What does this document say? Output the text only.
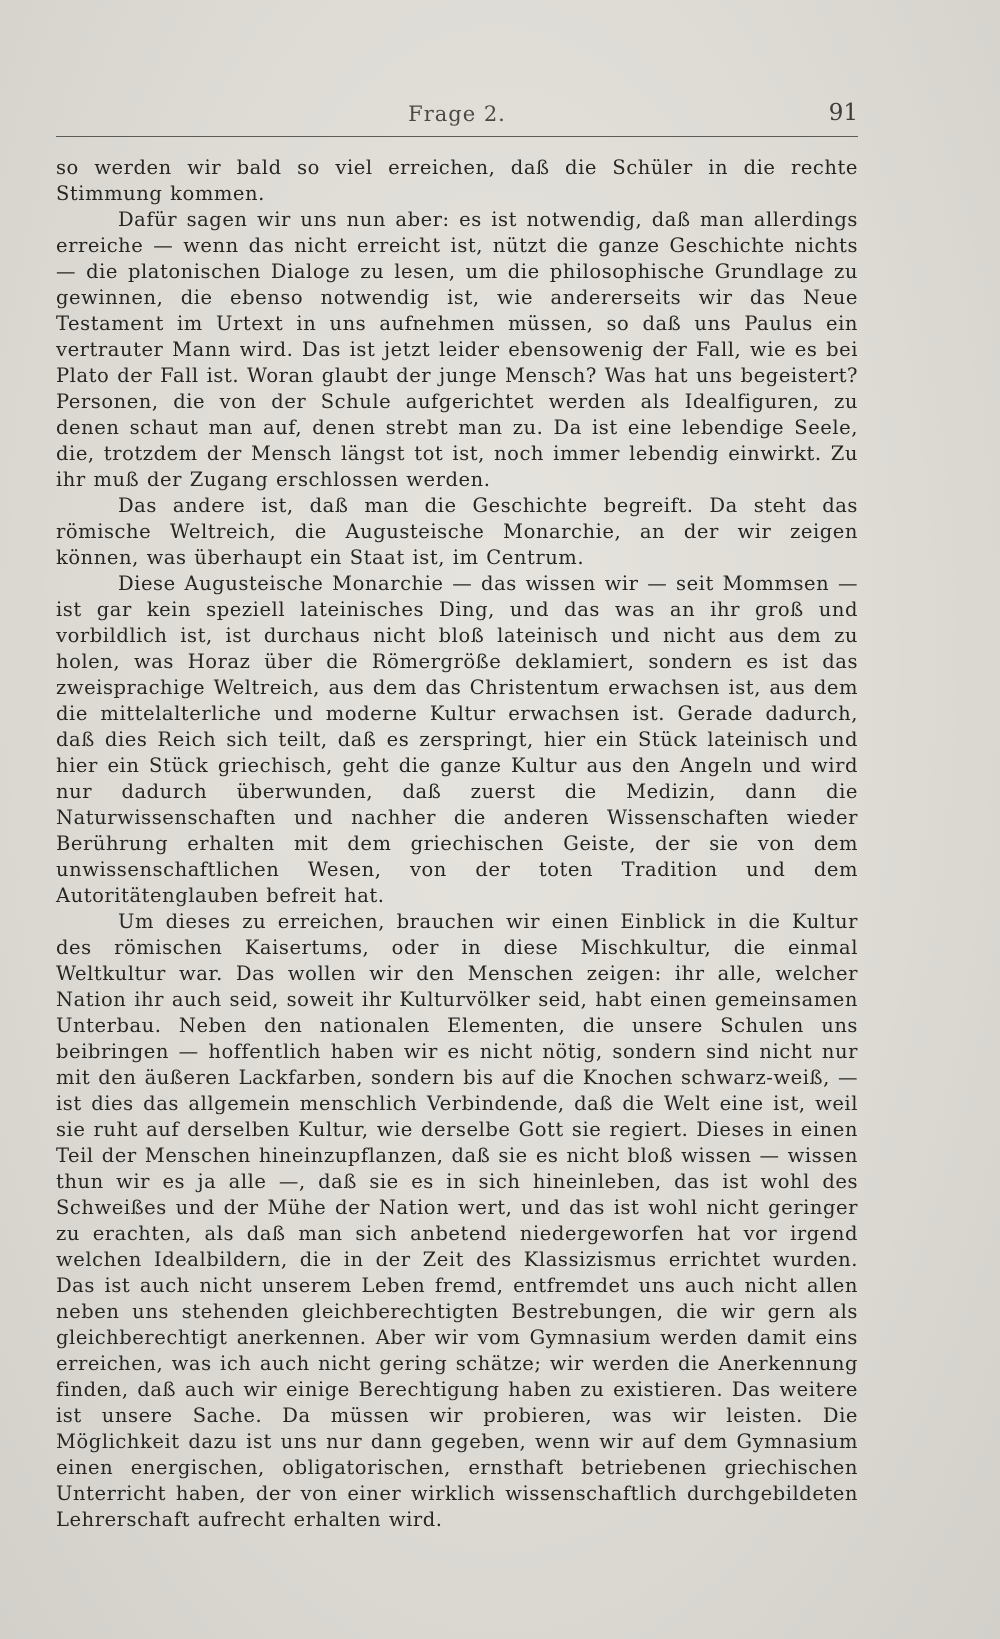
Frage 2.	91

so werden wir bald so viel erreichen, daß die Schüler in die rechte Stimmung kommen.

Dafür sagen wir uns nun aber: es ist notwendig, daß man allerdings erreiche — wenn das nicht erreicht ist, nützt die ganze Geschichte nichts — die platonischen Dialoge zu lesen, um die philosophische Grundlage zu gewinnen, die ebenso notwendig ist, wie andererseits wir das Neue Testament im Urtext in uns aufnehmen müssen, so daß uns Paulus ein vertrauter Mann wird. Das ist jetzt leider ebensowenig der Fall, wie es bei Plato der Fall ist. Woran glaubt der junge Mensch? Was hat uns begeistert? Personen, die von der Schule aufgerichtet werden als Idealfiguren, zu denen schaut man auf, denen strebt man zu. Da ist eine lebendige Seele, die, trotzdem der Mensch längst tot ist, noch immer lebendig einwirkt. Zu ihr muß der Zugang erschlossen werden.

Das andere ist, daß man die Geschichte begreift. Da steht das römische Weltreich, die Augusteische Monarchie, an der wir zeigen können, was überhaupt ein Staat ist, im Centrum.

Diese Augusteische Monarchie — das wissen wir — seit Mommsen — ist gar kein speziell lateinisches Ding, und das was an ihr groß und vorbildlich ist, ist durchaus nicht bloß lateinisch und nicht aus dem zu holen, was Horaz über die Römergröße deklamiert, sondern es ist das zweisprachige Weltreich, aus dem das Christentum erwachsen ist, aus dem die mittelalterliche und moderne Kultur erwachsen ist. Gerade dadurch, daß dies Reich sich teilt, daß es zerspringt, hier ein Stück lateinisch und hier ein Stück griechisch, geht die ganze Kultur aus den Angeln und wird nur dadurch überwunden, daß zuerst die Medizin, dann die Naturwissenschaften und nachher die anderen Wissenschaften wieder Berührung erhalten mit dem griechischen Geiste, der sie von dem unwissenschaftlichen Wesen, von der toten Tradition und dem Autoritätenglauben befreit hat.

Um dieses zu erreichen, brauchen wir einen Einblick in die Kultur des römischen Kaisertums, oder in diese Mischkultur, die einmal Weltkultur war. Das wollen wir den Menschen zeigen: ihr alle, welcher Nation ihr auch seid, soweit ihr Kulturvölker seid, habt einen gemeinsamen Unterbau. Neben den nationalen Elementen, die unsere Schulen uns beibringen — hoffentlich haben wir es nicht nötig, sondern sind nicht nur mit den äußeren Lackfarben, sondern bis auf die Knochen schwarz-weiß, — ist dies das allgemein menschlich Verbindende, daß die Welt eine ist, weil sie ruht auf derselben Kultur, wie derselbe Gott sie regiert. Dieses in einen Teil der Menschen hineinzupflanzen, daß sie es nicht bloß wissen — wissen thun wir es ja alle —, daß sie es in sich hineinleben, das ist wohl des Schweißes und der Mühe der Nation wert, und das ist wohl nicht geringer zu erachten, als daß man sich anbetend niedergeworfen hat vor irgend welchen Idealbildern, die in der Zeit des Klassizismus errichtet wurden. Das ist auch nicht unserem Leben fremd, entfremdet uns auch nicht allen neben uns stehenden gleichberechtigten Bestrebungen, die wir gern als gleichberechtigt anerkennen. Aber wir vom Gymnasium werden damit eins erreichen, was ich auch nicht gering schätze; wir werden die Anerkennung finden, daß auch wir einige Berechtigung haben zu existieren. Das weitere ist unsere Sache. Da müssen wir probieren, was wir leisten. Die Möglichkeit dazu ist uns nur dann gegeben, wenn wir auf dem Gymnasium einen energischen, obligatorischen, ernsthaft betriebenen griechischen Unterricht haben, der von einer wirklich wissenschaftlich durchgebildeten Lehrerschaft aufrecht erhalten wird.
